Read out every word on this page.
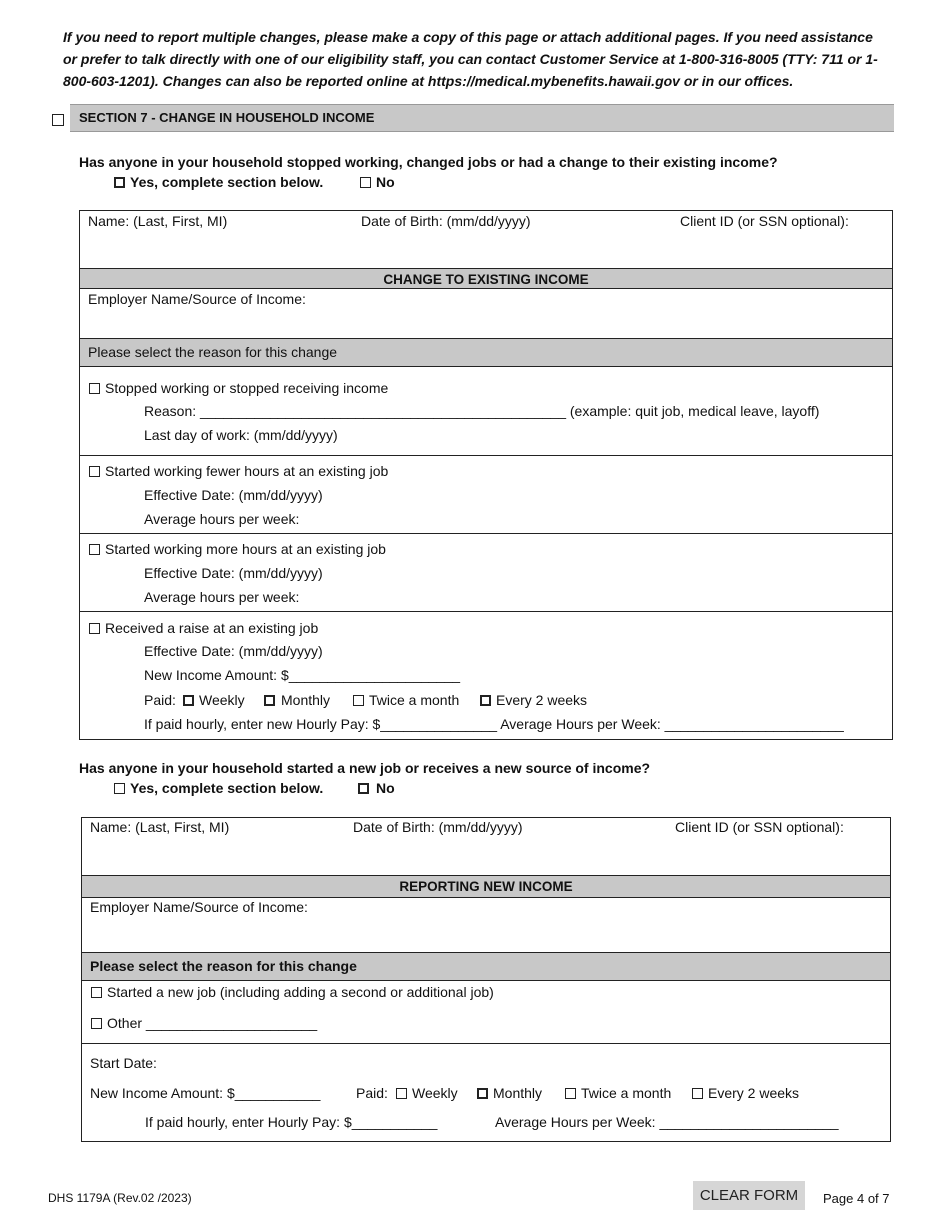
If you need to report multiple changes, please make a copy of this page or attach additional pages. If you need assistance or prefer to talk directly with one of our eligibility staff, you can contact Customer Service at 1-800-316-8005 (TTY: 711 or 1-800-603-1201). Changes can also be reported online at https://medical.mybenefits.hawaii.gov or in our offices.
SECTION 7 - CHANGE IN HOUSEHOLD INCOME
Has anyone in your household stopped working, changed jobs or had a change to their existing income?
Yes, complete section below.	No
Name: (Last, First, MI)	Date of Birth: (mm/dd/yyyy)	Client ID (or SSN optional):
CHANGE TO EXISTING INCOME
Employer Name/Source of Income:
Please select the reason for this change
Stopped working or stopped receiving income
Reason: _______________________________________________ (example: quit job, medical leave, layoff)
Last day of work: (mm/dd/yyyy)
Started working fewer hours at an existing job
Effective Date: (mm/dd/yyyy)
Average hours per week:
Started working more hours at an existing job
Effective Date: (mm/dd/yyyy)
Average hours per week:
Received a raise at an existing job
Effective Date: (mm/dd/yyyy)
New Income Amount: $______________________
Paid: Weekly	Monthly	Twice a month	Every 2 weeks
If paid hourly, enter new Hourly Pay: $_______________ Average Hours per Week: _______________________
Has anyone in your household started a new job or receives a new source of income?
Yes, complete section below.	No
Name: (Last, First, MI)	Date of Birth: (mm/dd/yyyy)	Client ID (or SSN optional):
REPORTING NEW INCOME
Employer Name/Source of Income:
Please select the reason for this change
Started a new job (including adding a second or additional job)
Other ______________________
Start Date:
New Income Amount: $___________	Paid: Weekly	Monthly	Twice a month	Every 2 weeks
If paid hourly, enter Hourly Pay: $___________	Average Hours per Week: _______________________
DHS 1179A (Rev.02 /2023)	CLEAR FORM	Page 4 of 7
